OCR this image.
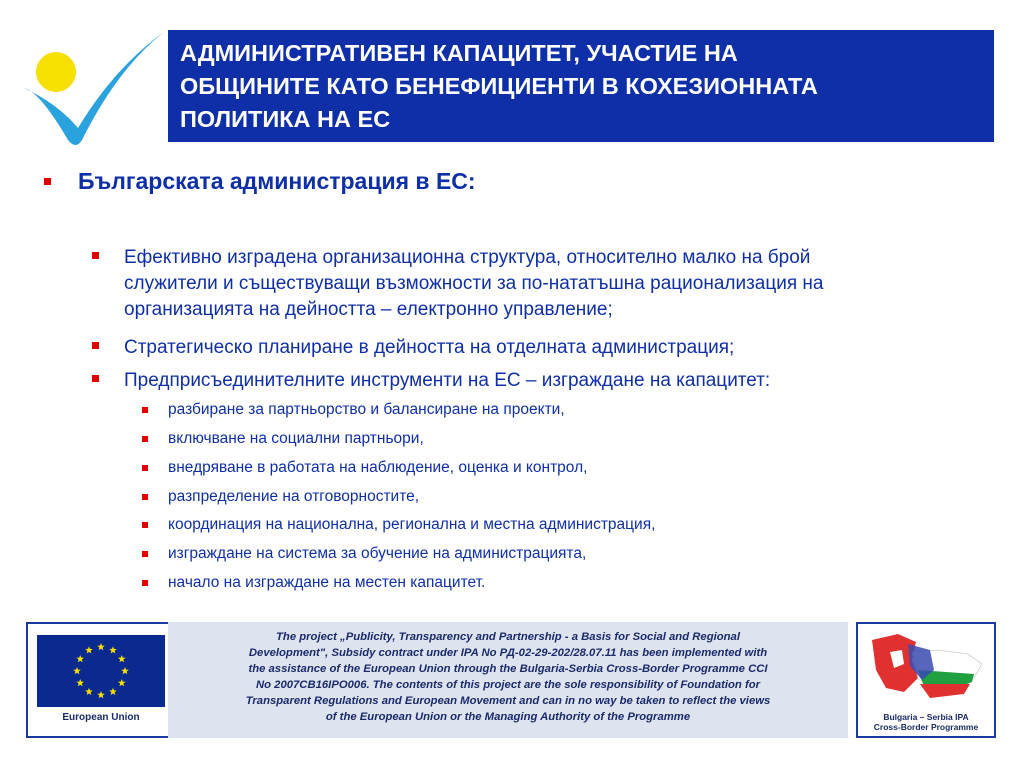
АДМИНИСТРАТИВЕН КАПАЦИТЕТ, УЧАСТИЕ НА
ОБЩИНИТЕ КАТО БЕНЕФИЦИЕНТИ В КОХЕЗИОННАТА
ПОЛИТИКА НА ЕС
Българската администрация в ЕС:
Ефективно изградена организационна структура, относително малко на брой
служители и съществуващи възможности за по-нататъшна рационализация на
организацията на дейността – електронно управление;
Стратегическо планиране в дейността на отделната администрация;
Предприсъединителните инструменти на ЕС – изграждане на капацитет:
разбиране за партньорство и балансиране на проекти,
включване на социални партньори,
внедряване в работата на наблюдение, оценка и контрол,
разпределение на отговорностите,
координация на национална, регионална и местна администрация,
изграждане на система за обучение на администрацията,
начало на изграждане на местен капацитет.
European Union
The project „Publicity, Transparency and Partnership - a Basis for Social and Regional
Development", Subsidy contract under IPA No РД-02-29-202/28.07.11 has been implemented with
the assistance of the European Union through the Bulgaria-Serbia Cross-Border Programme CCI
No 2007CB16IPO006. The contents of this project are the sole responsibility of Foundation for
Transparent Regulations and European Movement and can in no way be taken to reflect the views
of the European Union or the Managing Authority of the Programme	Bulgaria – Serbia IPA
Cross-Border Programme
